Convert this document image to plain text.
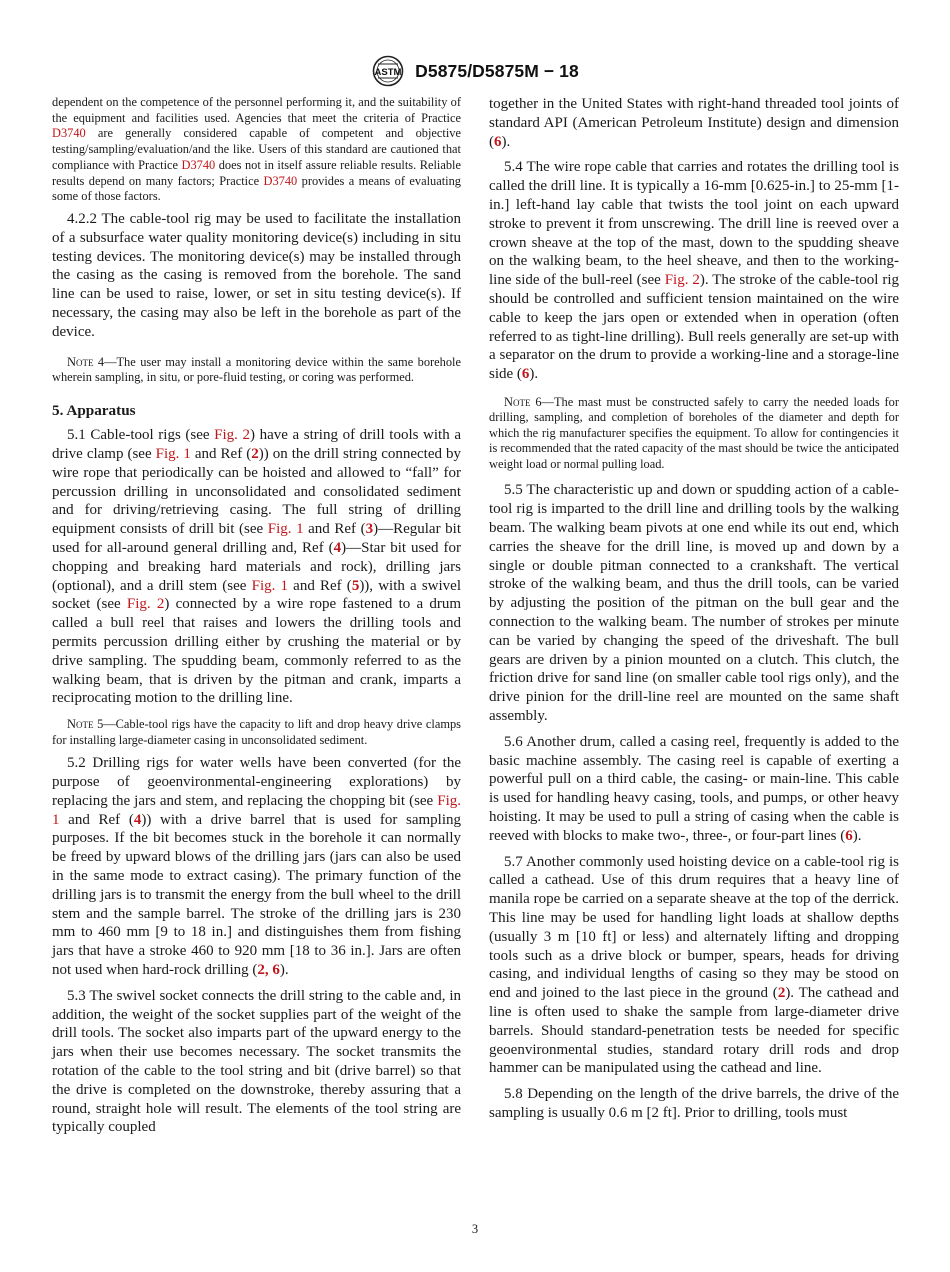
ASTM D5875/D5875M − 18

dependent on the competence of the personnel performing it, and the suitability of the equipment and facilities used. Agencies that meet the criteria of Practice D3740 are generally considered capable of competent and objective testing/sampling/evaluation/and the like. Users of this standard are cautioned that compliance with Practice D3740 does not in itself assure reliable results. Reliable results depend on many factors; Practice D3740 provides a means of evaluating some of those factors.

4.2.2 The cable-tool rig may be used to facilitate the installation of a subsurface water quality monitoring device(s) including in situ testing devices. The monitoring device(s) may be installed through the casing as the casing is removed from the borehole. The sand line can be used to raise, lower, or set in situ testing device(s). If necessary, the casing may also be left in the borehole as part of the device.

Note 4—The user may install a monitoring device within the same borehole wherein sampling, in situ, or pore-fluid testing, or coring was performed.

5. Apparatus

5.1 Cable-tool rigs (see Fig. 2) have a string of drill tools with a drive clamp (see Fig. 1 and Ref (2)) on the drill string connected by wire rope that periodically can be hoisted and allowed to “fall” for percussion drilling in unconsolidated and consolidated sediment and for driving/retrieving casing. The full string of drilling equipment consists of drill bit (see Fig. 1 and Ref (3)—Regular bit used for all-around general drilling and, Ref (4)—Star bit used for chopping and breaking hard materials and rock), drilling jars (optional), and a drill stem (see Fig. 1 and Ref (5)), with a swivel socket (see Fig. 2) connected by a wire rope fastened to a drum called a bull reel that raises and lowers the drilling tools and permits percussion drilling either by crushing the material or by drive sampling. The spudding beam, commonly referred to as the walking beam, that is driven by the pitman and crank, imparts a reciprocating motion to the drilling line.

Note 5—Cable-tool rigs have the capacity to lift and drop heavy drive clamps for installing large-diameter casing in unconsolidated sediment.

5.2 Drilling rigs for water wells have been converted (for the purpose of geoenvironmental-engineering explorations) by replacing the jars and stem, and replacing the chopping bit (see Fig. 1 and Ref (4)) with a drive barrel that is used for sampling purposes. If the bit becomes stuck in the borehole it can normally be freed by upward blows of the drilling jars (jars can also be used in the same mode to extract casing). The primary function of the drilling jars is to transmit the energy from the bull wheel to the drill stem and the sample barrel. The stroke of the drilling jars is 230 mm to 460 mm [9 to 18 in.] and distinguishes them from fishing jars that have a stroke 460 to 920 mm [18 to 36 in.]. Jars are often not used when hard-rock drilling (2, 6).

5.3 The swivel socket connects the drill string to the cable and, in addition, the weight of the socket supplies part of the weight of the drill tools. The socket also imparts part of the upward energy to the jars when their use becomes necessary. The socket transmits the rotation of the cable to the tool string and bit (drive barrel) so that the drive is completed on the downstroke, thereby assuring that a round, straight hole will result. The elements of the tool string are typically coupled

together in the United States with right-hand threaded tool joints of standard API (American Petroleum Institute) design and dimension (6).

5.4 The wire rope cable that carries and rotates the drilling tool is called the drill line. It is typically a 16-mm [0.625-in.] to 25-mm [1-in.] left-hand lay cable that twists the tool joint on each upward stroke to prevent it from unscrewing. The drill line is reeved over a crown sheave at the top of the mast, down to the spudding sheave on the walking beam, to the heel sheave, and then to the working-line side of the bull-reel (see Fig. 2). The stroke of the cable-tool rig should be controlled and sufficient tension maintained on the wire cable to keep the jars open or extended when in operation (often referred to as tight-line drilling). Bull reels generally are set-up with a separator on the drum to provide a working-line and a storage-line side (6).

Note 6—The mast must be constructed safely to carry the needed loads for drilling, sampling, and completion of boreholes of the diameter and depth for which the rig manufacturer specifies the equipment. To allow for contingencies it is recommended that the rated capacity of the mast should be twice the anticipated weight load or normal pulling load.

5.5 The characteristic up and down or spudding action of a cable-tool rig is imparted to the drill line and drilling tools by the walking beam. The walking beam pivots at one end while its out end, which carries the sheave for the drill line, is moved up and down by a single or double pitman connected to a crankshaft. The vertical stroke of the walking beam, and thus the drill tools, can be varied by adjusting the position of the pitman on the bull gear and the connection to the walking beam. The number of strokes per minute can be varied by changing the speed of the driveshaft. The bull gears are driven by a pinion mounted on a clutch. This clutch, the friction drive for sand line (on smaller cable tool rigs only), and the drive pinion for the drill-line reel are mounted on the same shaft assembly.

5.6 Another drum, called a casing reel, frequently is added to the basic machine assembly. The casing reel is capable of exerting a powerful pull on a third cable, the casing- or main-line. This cable is used for handling heavy casing, tools, and pumps, or other heavy hoisting. It may be used to pull a string of casing when the cable is reeved with blocks to make two-, three-, or four-part lines (6).

5.7 Another commonly used hoisting device on a cable-tool rig is called a cathead. Use of this drum requires that a heavy line of manila rope be carried on a separate sheave at the top of the derrick. This line may be used for handling light loads at shallow depths (usually 3 m [10 ft] or less) and alternately lifting and dropping tools such as a drive block or bumper, spears, heads for driving casing, and individual lengths of casing so they may be stood on end and joined to the last piece in the ground (2). The cathead and line is often used to shake the sample from large-diameter drive barrels. Should standard-penetration tests be needed for specific geoenvironmental studies, standard rotary drill rods and drop hammer can be manipulated using the cathead and line.

5.8 Depending on the length of the drive barrels, the drive of the sampling is usually 0.6 m [2 ft]. Prior to drilling, tools must

3
